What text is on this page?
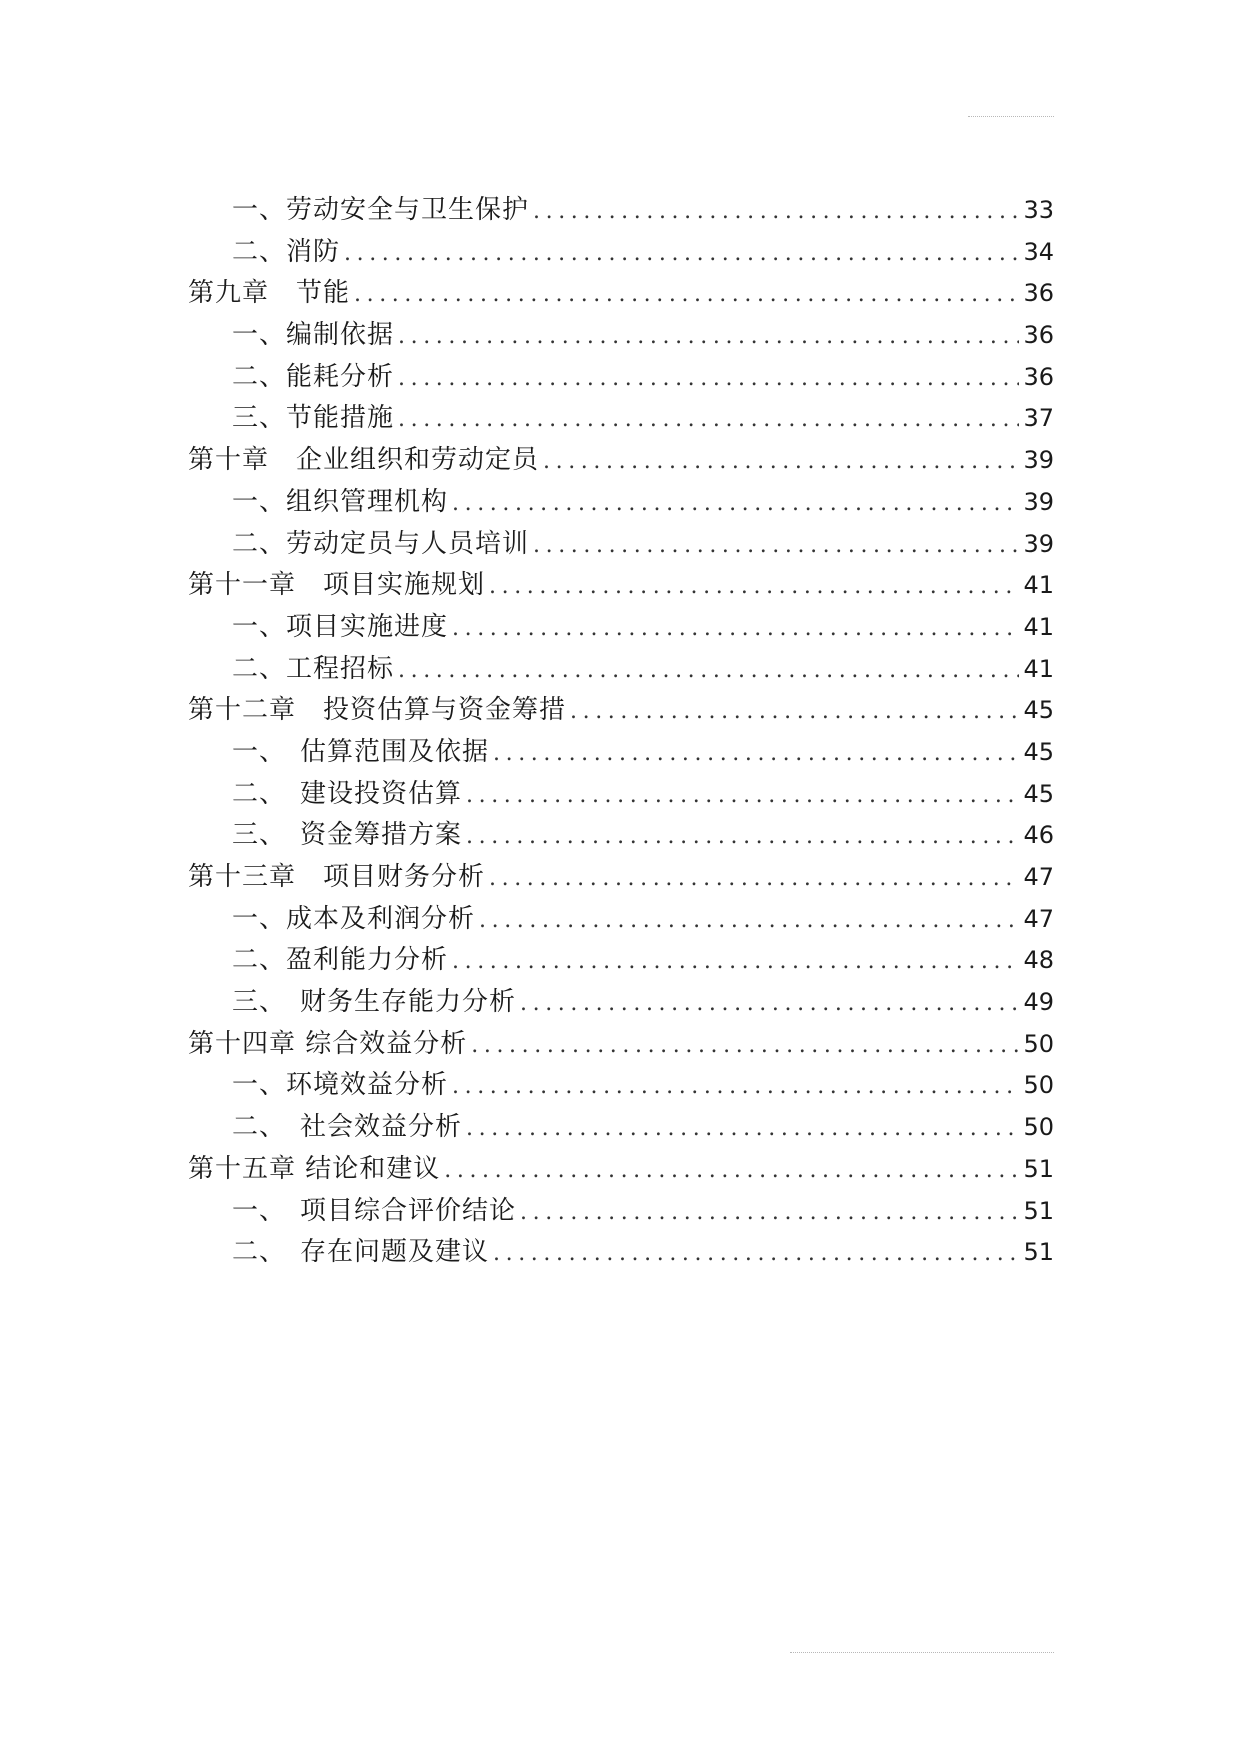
一、劳动安全与卫生保护 .....	33
二、消防 .....	34
第九章　节能 .....	36
一、编制依据 .....	36
二、能耗分析 .....	36
三、节能措施 .....	37
第十章　企业组织和劳动定员 .....	39
一、组织管理机构 .....	39
二、劳动定员与人员培训 .....	39
第十一章　项目实施规划 .....	41
一、项目实施进度 .....	41
二、工程招标 .....	41
第十二章　投资估算与资金筹措 .....	45
一、　估算范围及依据 .....	45
二、　建设投资估算 .....	45
三、　资金筹措方案 .....	46
第十三章　项目财务分析 .....	47
一、成本及利润分析 .....	47
二、盈利能力分析 .....	48
三、　财务生存能力分析 .....	49
第十四章 综合效益分析 .....	50
一、环境效益分析 .....	50
二、　社会效益分析 .....	50
第十五章 结论和建议 .....	51
一、　项目综合评价结论 .....	51
二、　存在问题及建议 .....	51
